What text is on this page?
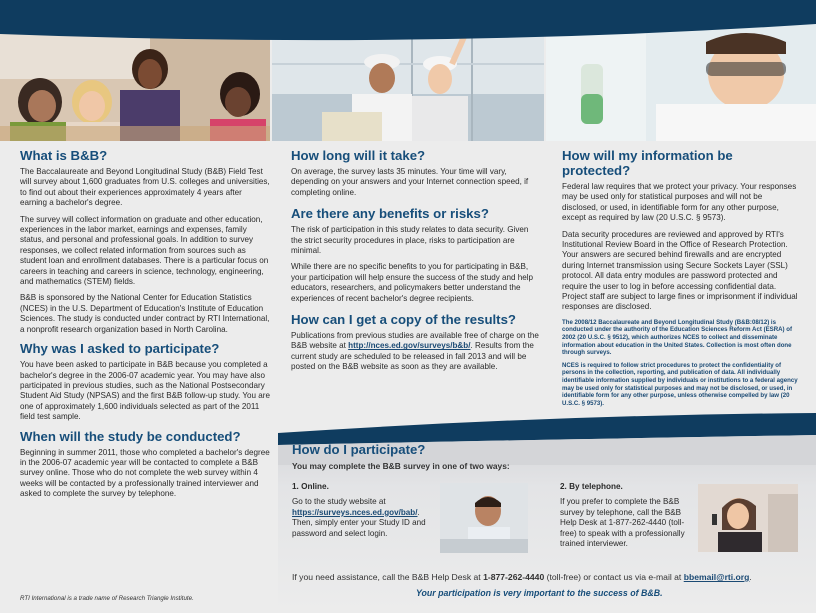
What is B&B?

The Baccalaureate and Beyond Longitudinal Study (B&B) Field Test will survey about 1,600 graduates from U.S. colleges and universities, to find out about their experiences approximately 4 years after earning a bachelor's degree.

The survey will collect information on graduate and other education, experiences in the labor market, earnings and expenses, family status, and personal and professional goals. In addition to survey responses, we collect related information from sources such as student loan and enrollment databases. There is a particular focus on careers in teaching and careers in science, technology, engineering, and mathematics (STEM) fields.

B&B is sponsored by the National Center for Education Statistics (NCES) in the U.S. Department of Education's Institute of Education Sciences. The study is conducted under contract by RTI International, a nonprofit research organization based in North Carolina.

Why was I asked to participate?

You have been asked to participate in B&B because you completed a bachelor's degree in the 2006-07 academic year. You may have also participated in previous studies, such as the National Postsecondary Student Aid Study (NPSAS) and the first B&B follow-up study. You are one of approximately 1,600 individuals selected as part of the 2011 field test sample.

When will the study be conducted?

Beginning in summer 2011, those who completed a bachelor's degree in the 2006-07 academic year will be contacted to complete a B&B survey online. Those who do not complete the web survey within 4 weeks will be contacted by a professionally trained interviewer and asked to complete the survey by telephone.

RTI International is a trade name of Research Triangle Institute.
How long will it take?

On average, the survey lasts 35 minutes. Your time will vary, depending on your answers and your Internet connection speed, if completing online.

Are there any benefits or risks?

The risk of participation in this study relates to data security. Given the strict security procedures in place, risks to participation are minimal.

While there are no specific benefits to you for participating in B&B, your participation will help ensure the success of the study and help educators, researchers, and policymakers better understand the experiences of recent bachelor's degree recipients.

How can I get a copy of the results?

Publications from previous studies are available free of charge on the B&B website at http://nces.ed.gov/surveys/b&b/. Results from the current study are scheduled to be released in fall 2013 and will be posted on the B&B website as soon as they are available.

How will my information be protected?

Federal law requires that we protect your privacy. Your responses may be used only for statistical purposes and will not be disclosed, or used, in identifiable form for any other purpose, except as required by law (20 U.S.C. § 9573).

Data security procedures are reviewed and approved by RTI's Institutional Review Board in the Office of Research Protection. Your answers are secured behind firewalls and are encrypted during Internet transmission using Secure Sockets Layer (SSL) protocol. All data entry modules are password protected and require the user to log in before accessing confidential data. Project staff are subject to large fines or imprisonment if individual responses are disclosed.

The 2008/12 Baccalaureate and Beyond Longitudinal Study (B&B:08/12) is conducted under the authority of the Education Sciences Reform Act (ESRA) of 2002 (20 U.S.C. § 9512), which authorizes NCES to collect and disseminate information about education in the United States. Collection is most often done through surveys.

NCES is required to follow strict procedures to protect the confidentiality of persons in the collection, reporting, and publication of data. All individually identifiable information supplied by individuals or institutions to a federal agency may be used only for statistical purposes and may not be disclosed, or used, in identifiable form for any other purpose, unless otherwise compelled by law (20 U.S.C. § 9573).

How do I participate?
You may complete the B&B survey in one of two ways:
1. Online.
Go to the study website at https://surveys.nces.ed.gov/bab/. Then, simply enter your Study ID and password and select login.
2. By telephone.
If you prefer to complete the B&B survey by telephone, call the B&B Help Desk at 1-877-262-4440 (toll-free) to speak with a professionally trained interviewer.
If you need assistance, call the B&B Help Desk at 1-877-262-4440 (toll-free) or contact us via e-mail at bbemail@rti.org.
Your participation is very important to the success of B&B.
